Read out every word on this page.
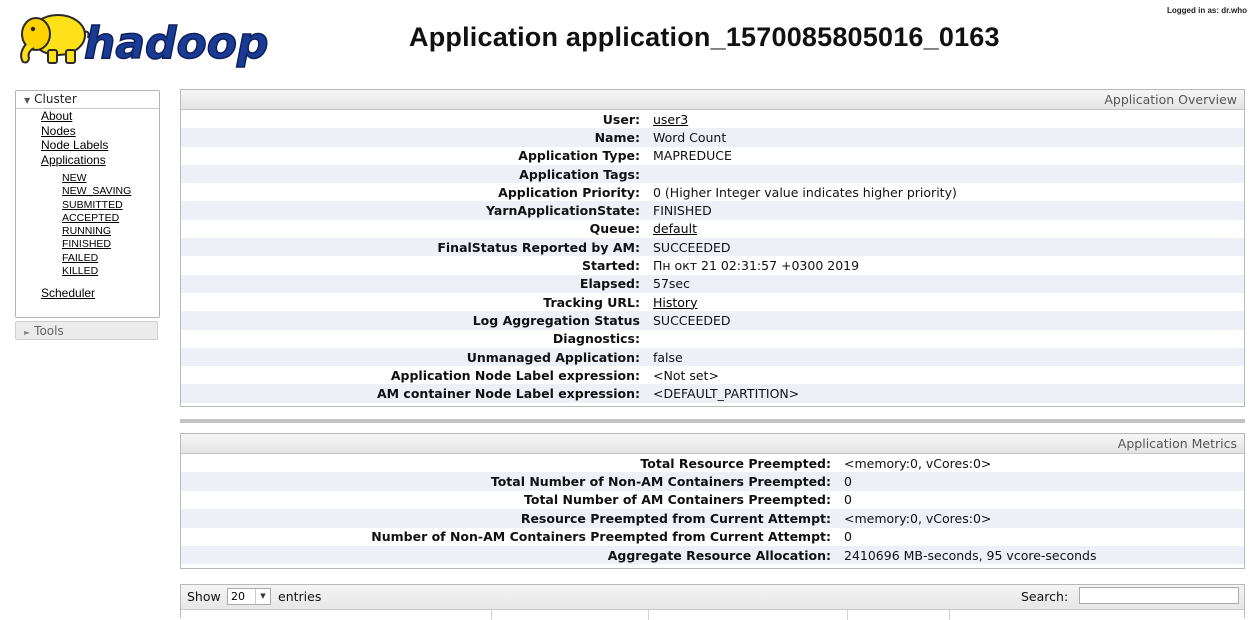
hadoop	Application application_1570085805016_0163
Logged in as: dr.who
▼ Cluster
About
Nodes
Node Labels
Applications
NEW
NEW_SAVING
SUBMITTED
ACCEPTED
RUNNING
FINISHED
FAILED
KILLED
Scheduler
► Tools
Application Overview
User:	user3
Name:	Word Count
Application Type:	MAPREDUCE
Application Tags:	
Application Priority:	0 (Higher Integer value indicates higher priority)
YarnApplicationState:	FINISHED
Queue:	default
FinalStatus Reported by AM:	SUCCEEDED
Started:	Пн окт 21 02:31:57 +0300 2019
Elapsed:	57sec
Tracking URL:	History
Log Aggregation Status	SUCCEEDED
Diagnostics:	
Unmanaged Application:	false
Application Node Label expression:	<Not set>
AM container Node Label expression:	<DEFAULT_PARTITION>
Application Metrics
Total Resource Preempted:	<memory:0, vCores:0>
Total Number of Non-AM Containers Preempted:	0
Total Number of AM Containers Preempted:	0
Resource Preempted from Current Attempt:	<memory:0, vCores:0>
Number of Non-AM Containers Preempted from Current Attempt:	0
Aggregate Resource Allocation:	2410696 MB-seconds, 95 vcore-seconds
Show 20	▼ entries	Search:
